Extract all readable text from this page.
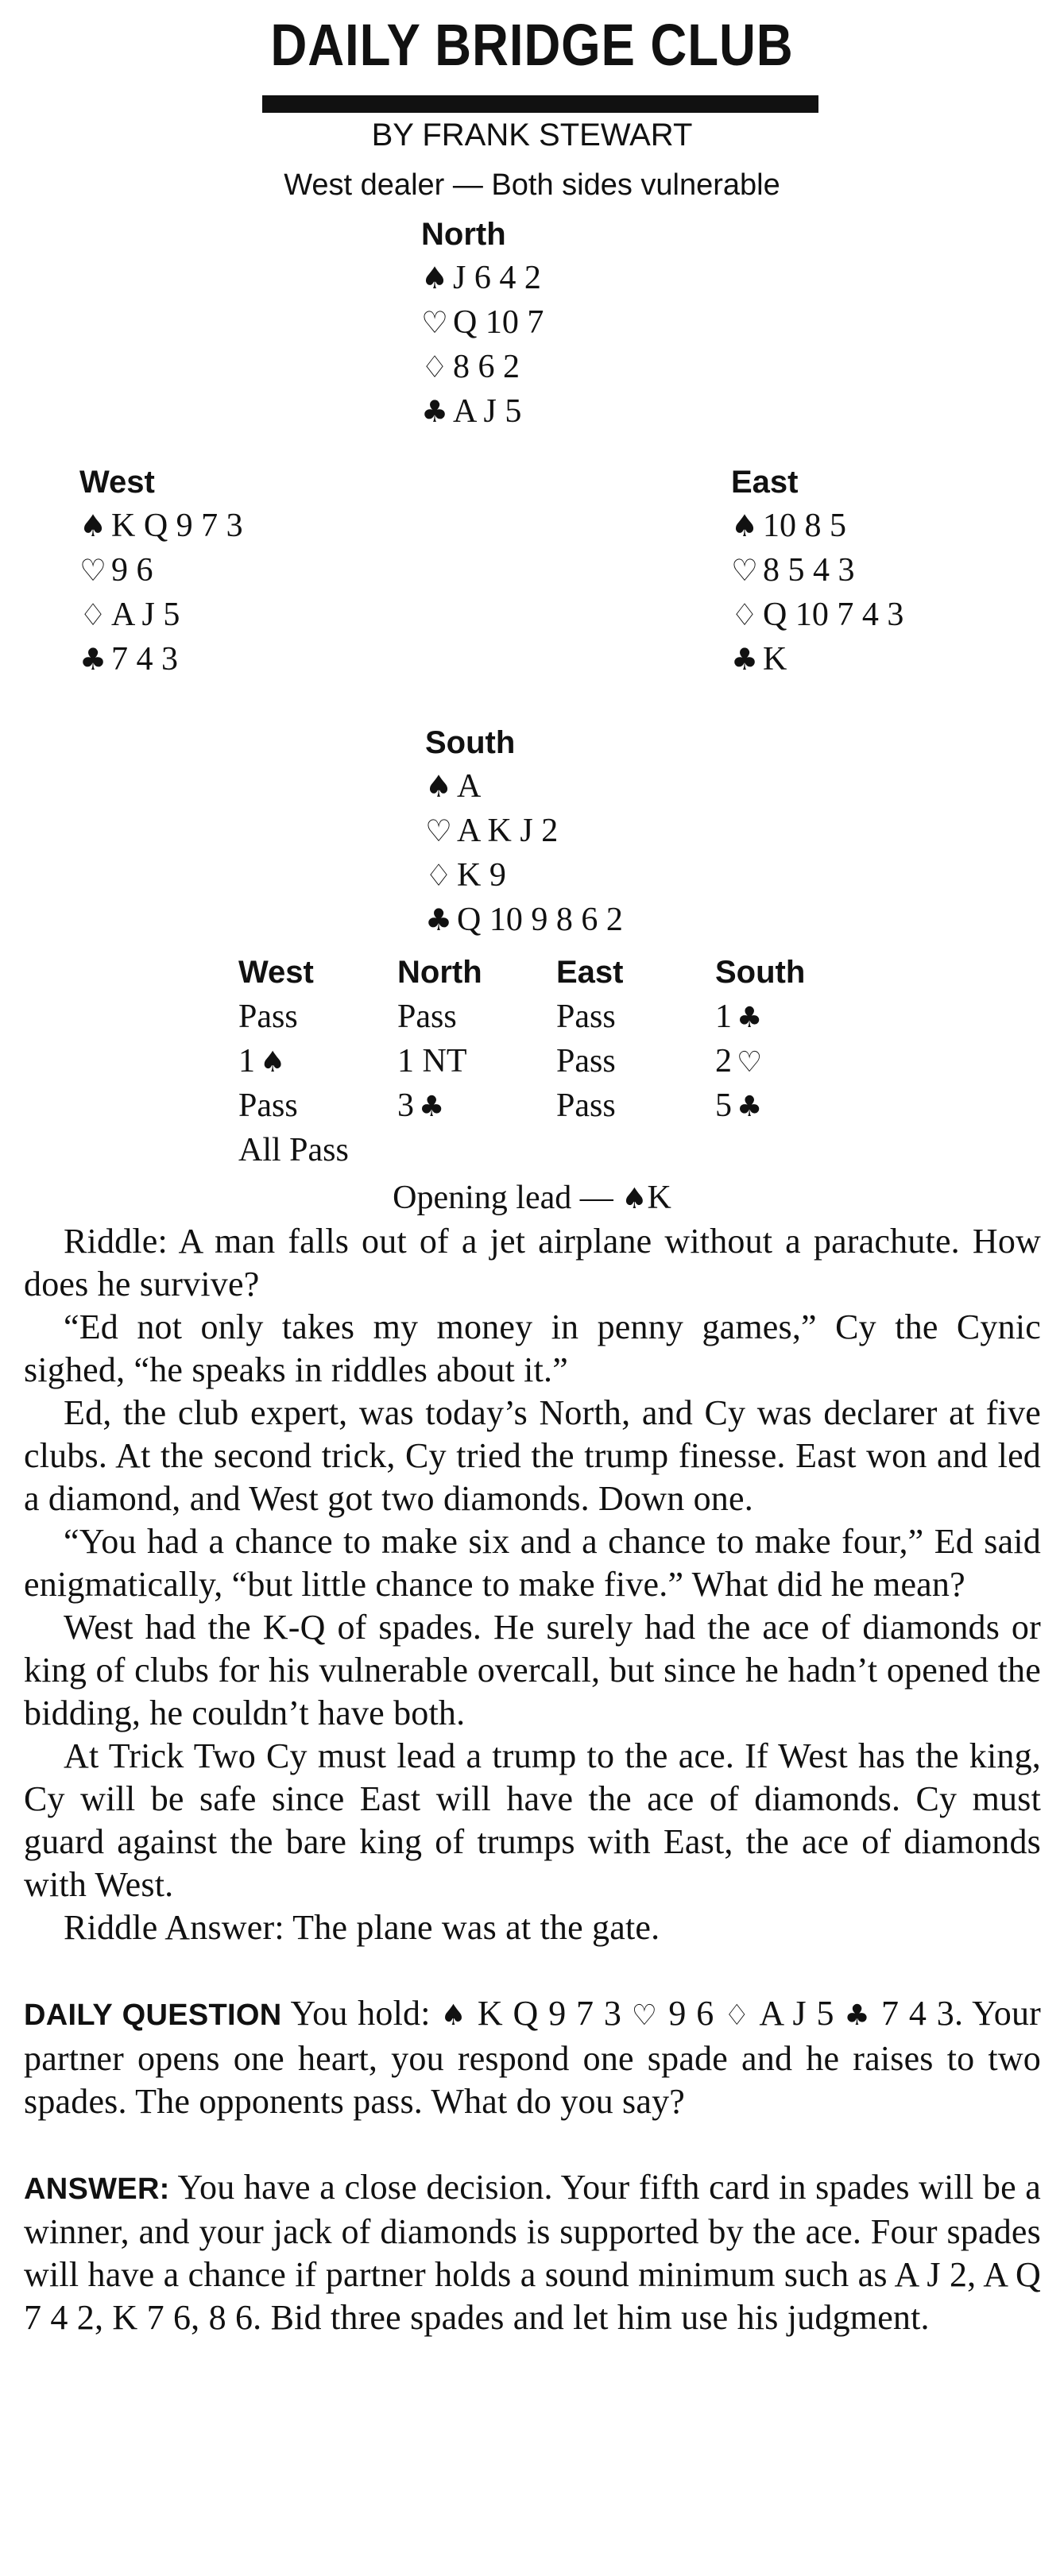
DAILY BRIDGE CLUB
BY FRANK STEWART
West dealer — Both sides vulnerable
North
♠ J 6 4 2
♡ Q 10 7
♢ 8 6 2
♣ A J 5
West
♠ K Q 9 7 3
♡ 9 6
♢ A J 5
♣ 7 4 3
East
♠ 10 8 5
♡ 8 5 4 3
♢ Q 10 7 4 3
♣ K
South
♠ A
♡ A K J 2
♢ K 9
♣ Q 10 9 8 6 2
West	North East	South
Pass	Pass	Pass	1 ♣
1 ♠	1 NT	Pass	2 ♡
Pass	3 ♣	Pass	5 ♣
All Pass
Opening lead — ♠K

Riddle: A man falls out of a jet airplane without a parachute. How does he survive?

“Ed not only takes my money in penny games,” Cy the Cynic sighed, “he speaks in riddles about it.”

Ed, the club expert, was today’s North, and Cy was declarer at five clubs. At the second trick, Cy tried the trump finesse. East won and led a diamond, and West got two diamonds. Down one.

“You had a chance to make six and a chance to make four,” Ed said enigmatically, “but little chance to make five.” What did he mean?

West had the K-Q of spades. He surely had the ace of diamonds or king of clubs for his vulnerable overcall, but since he hadn’t opened the bidding, he couldn’t have both.

At Trick Two Cy must lead a trump to the ace. If West has the king, Cy will be safe since East will have the ace of diamonds. Cy must guard against the bare king of trumps with East, the ace of diamonds with West.

Riddle Answer: The plane was at the gate.

DAILY QUESTION You hold: ♠ K Q 9 7 3 ♡ 9 6 ♢ A J 5 ♣ 7 4 3. Your partner opens one heart, you respond one spade and he raises to two spades. The opponents pass. What do you say?

ANSWER: You have a close decision. Your fifth card in spades will be a winner, and your jack of diamonds is supported by the ace. Four spades will have a chance if partner holds a sound minimum such as A J 2, A Q 7 4 2, K 7 6, 8 6. Bid three spades and let him use his judgment.
